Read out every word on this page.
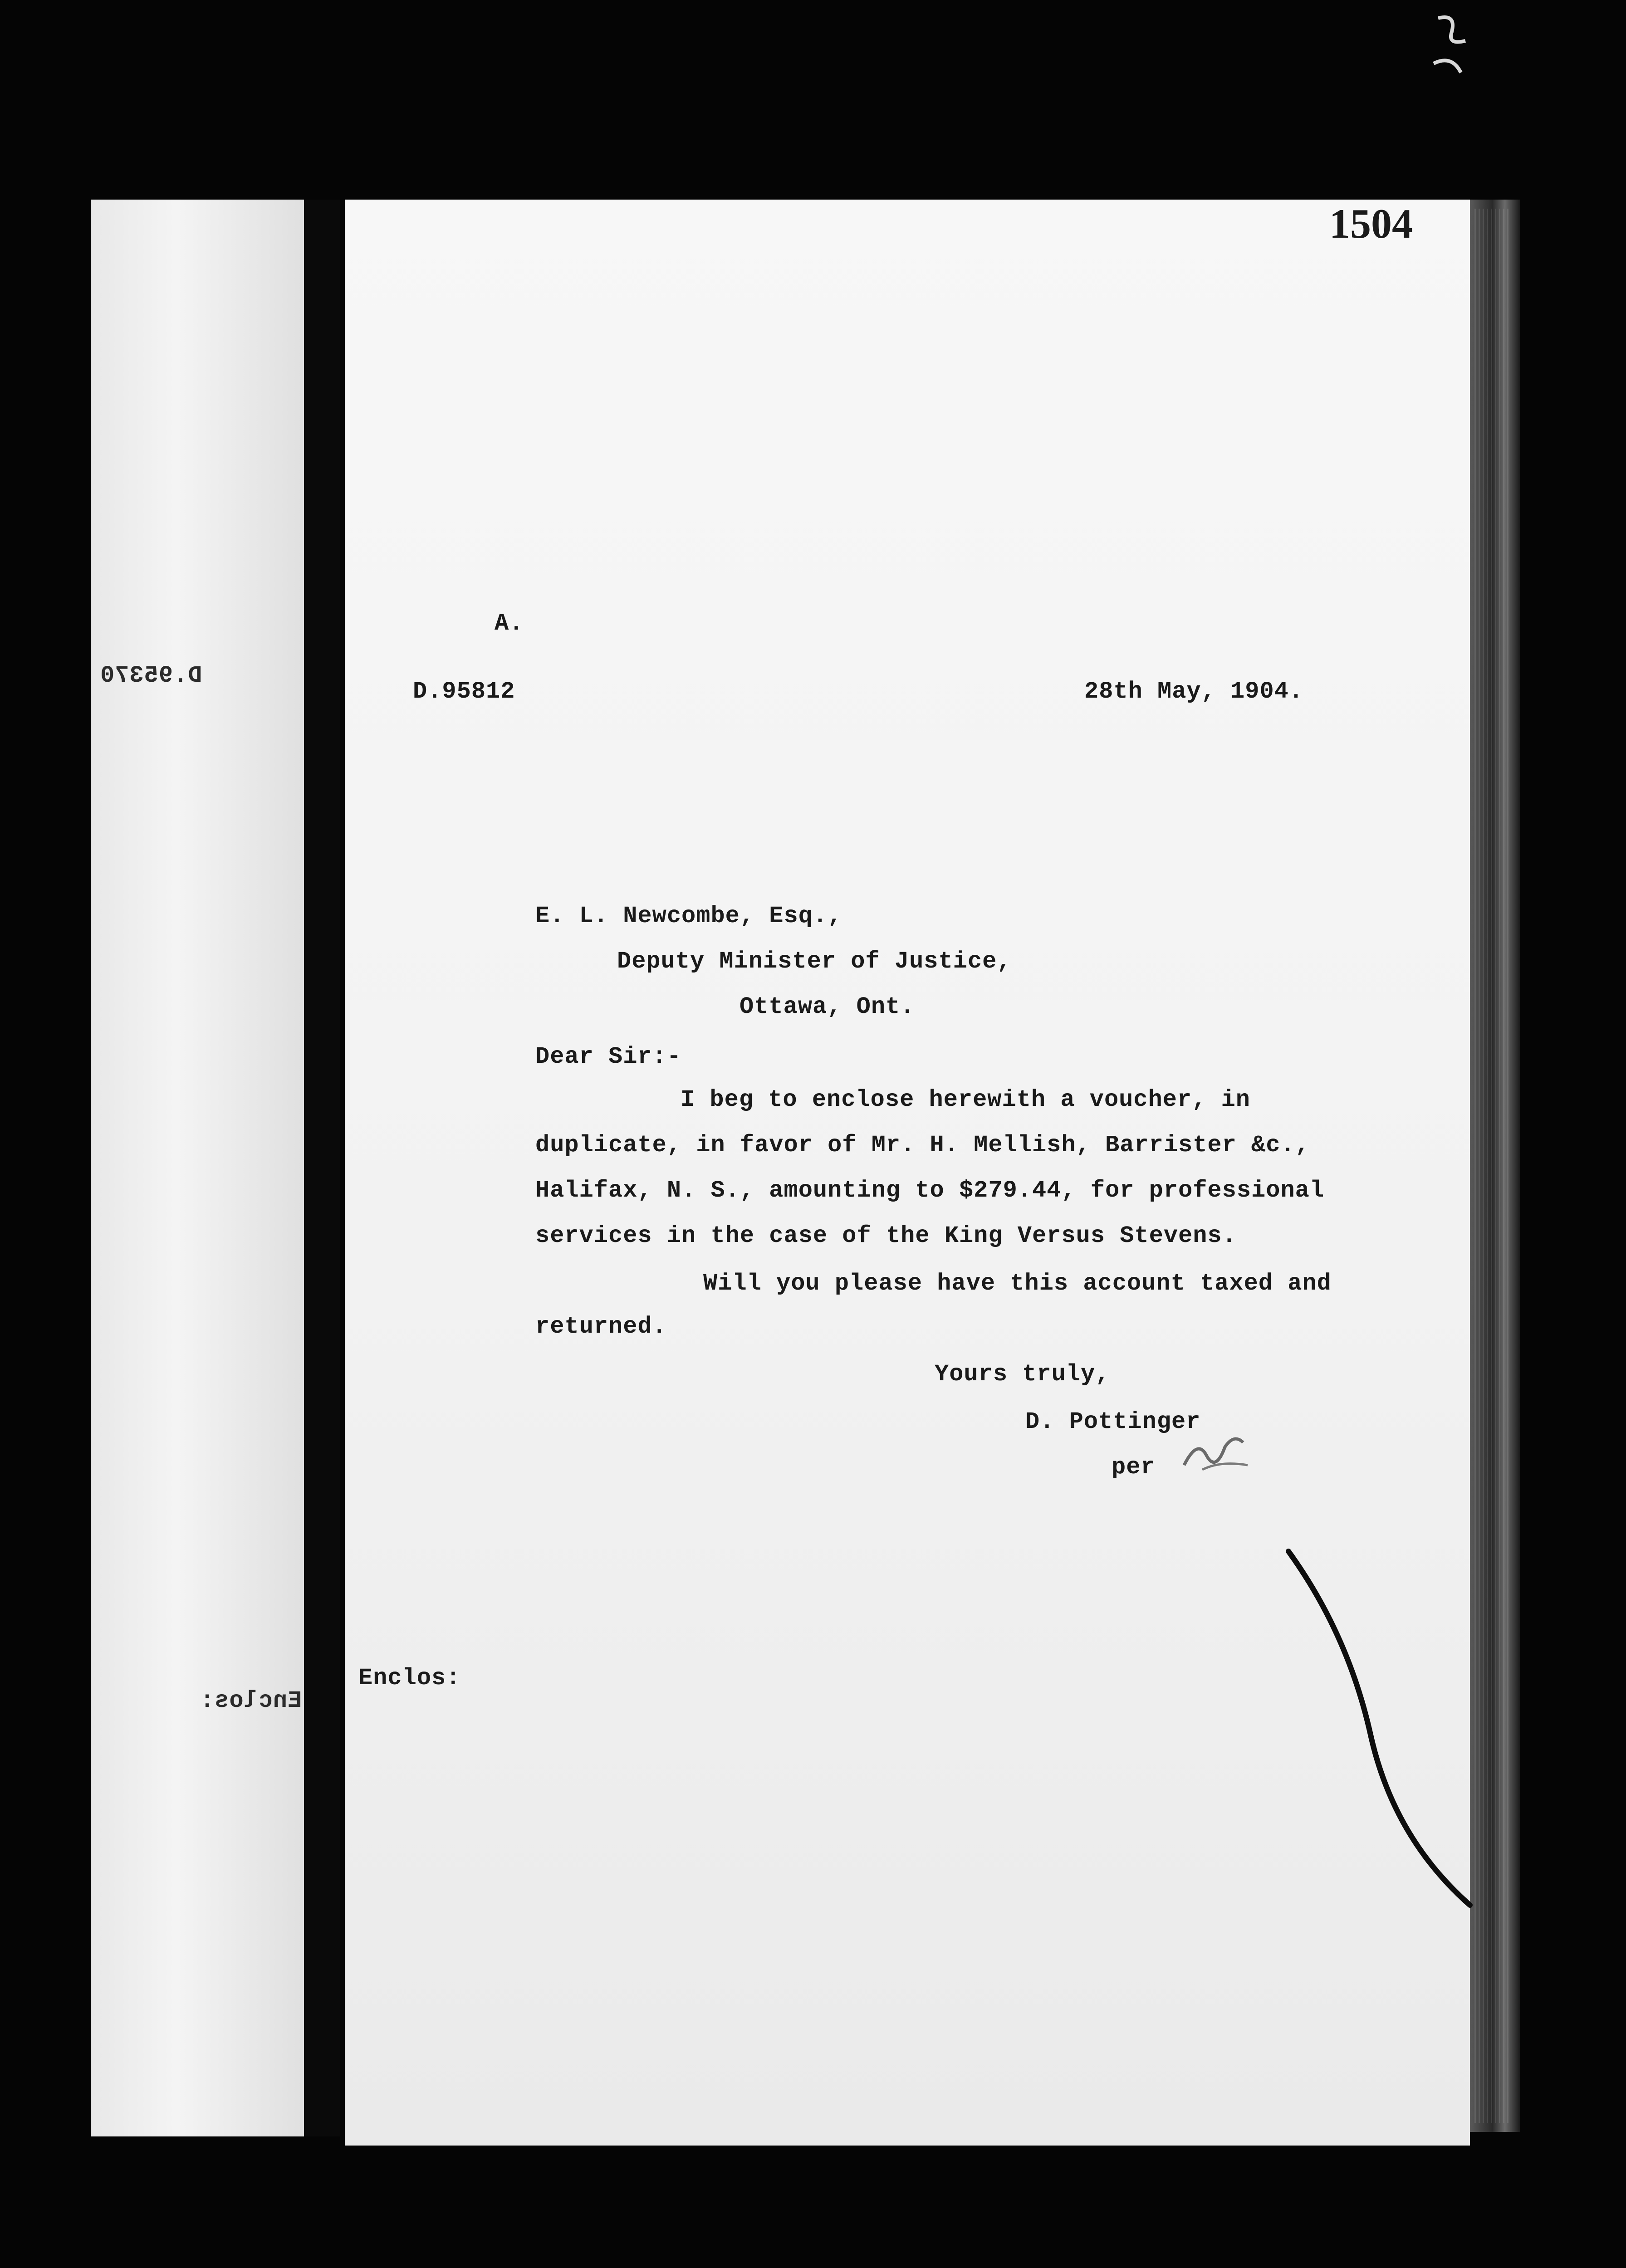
D.95370
Enclos:
1504
A.
D.95812	28th May, 1904.
E. L. Newcombe, Esq.,
Deputy Minister of Justice,
Ottawa, Ont.
Dear Sir:-
I beg to enclose herewith a voucher, in
duplicate, in favor of Mr. H. Mellish, Barrister &c.,
Halifax, N. S., amounting to $279.44, for professional
services in the case of the King Versus Stevens.
Will you please have this account taxed and
returned.
Yours truly,
D. Pottinger
per
Enclos:
